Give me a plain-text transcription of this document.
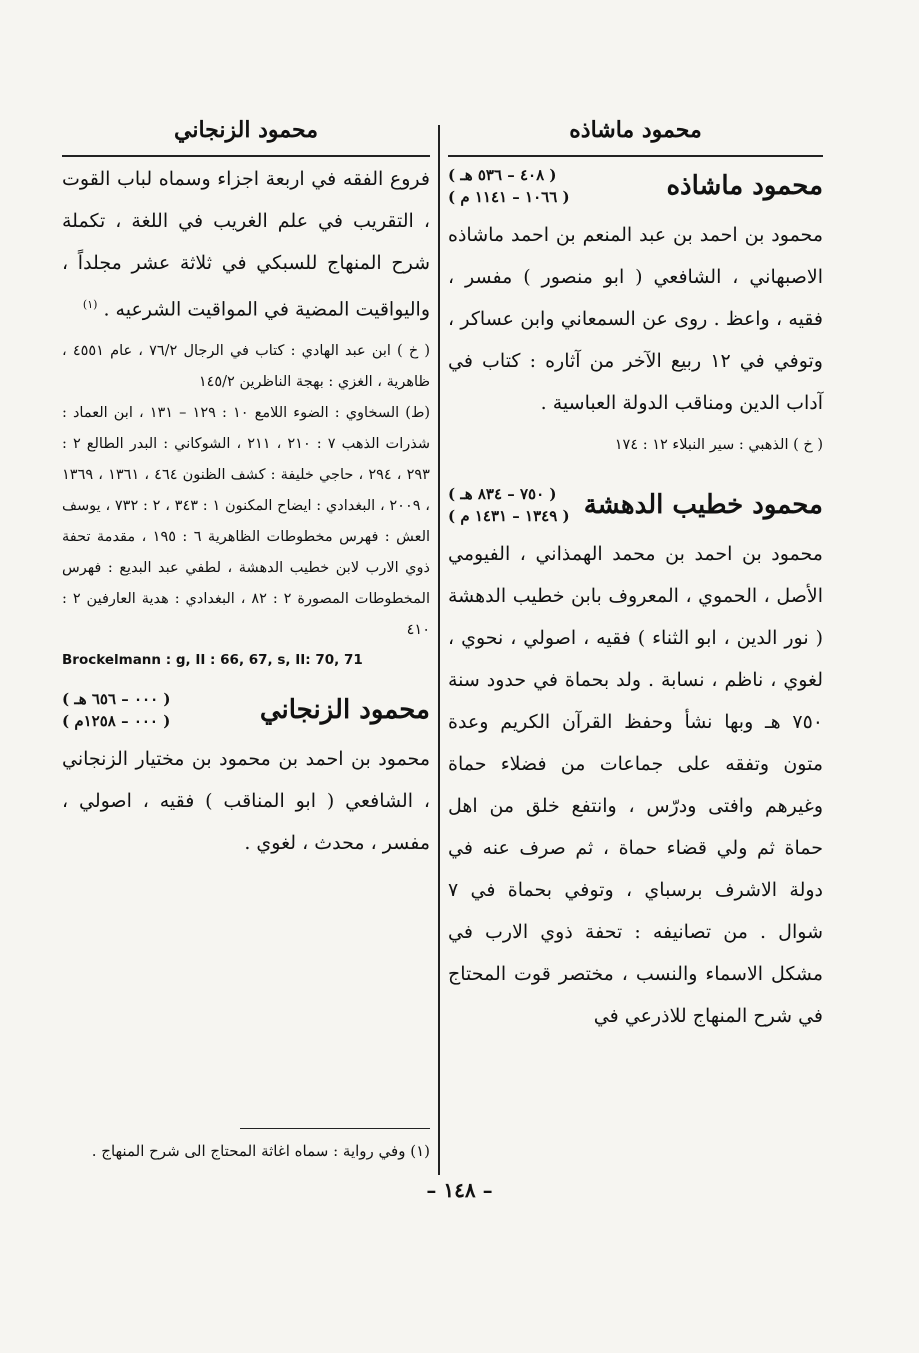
محمود ماشاذه
محمود ماشاذه
( ٤٠٨ – ٥٣٦ هـ )
( ١٠٦٦ – ١١٤١ م )

محمود بن احمد بن عبد المنعم بن احمد ماشاذه الاصبهاني ، الشافعي ( ابو منصور ) مفسر ، فقيه ، واعظ . روى عن السمعاني وابن عساكر ، وتوفي في ١٢ ربيع الآخر من آثاره : كتاب في آداب الدين ومناقب الدولة العباسية .

( خ ) الذهبي : سير النبلاء ١٢ : ١٧٤

محمود خطيب الدهشة
( ٧٥٠ – ٨٣٤ هـ )
( ١٣٤٩ – ١٤٣١ م )

محمود بن احمد بن محمد الهمذاني ، الفيومي الأصل ، الحموي ، المعروف بابن خطيب الدهشة ( نور الدين ، ابو الثناء ) فقيه ، اصولي ، نحوي ، لغوي ، ناظم ، نسابة . ولد بحماة في حدود سنة ٧٥٠ هـ وبها نشأ وحفظ القرآن الكريم وعدة متون وتفقه على جماعات من فضلاء حماة وغيرهم وافتى ودرّس ، وانتفع خلق من اهل حماة ثم ولي قضاء حماة ، ثم صرف عنه في دولة الاشرف برسباي ، وتوفي بحماة في ٧ شوال . من تصانيفه : تحفة ذوي الارب في مشكل الاسماء والنسب ، مختصر قوت المحتاج في شرح المنهاج للاذرعي في

محمود الزنجاني

فروع الفقه في اربعة اجزاء وسماه لباب القوت ، التقريب في علم الغريب في اللغة ، تكملة شرح المنهاج للسبكي في ثلاثة عشر مجلداً ، واليواقيت المضية في المواقيت الشرعيه . $^{(١)}$

( خ ) ابن عبد الهادي : كتاب في الرجال ٧٦/٢ ، عام ٤٥٥١ ، ظاهرية ، الغزي : بهجة الناظرين ١٤٥/٢

(ط) السخاوي : الضوء اللامع ١٠ : ١٢٩ – ١٣١ ، ابن العماد : شذرات الذهب ٧ : ٢١٠ ، ٢١١ ، الشوكاني : البدر الطالع ٢ : ٢٩٣ ، ٢٩٤ ، حاجي خليفة : كشف الظنون ٤٦٤ ، ١٣٦١ ، ١٣٦٩ ، ٢٠٠٩ ، البغدادي : ايضاح المكنون ١ : ٣٤٣ ، ٢ : ٧٣٢ ، يوسف العش : فهرس مخطوطات الظاهرية ٦ : ١٩٥ ، مقدمة تحفة ذوي الارب لابن خطيب الدهشة ، لطفي عبد البديع : فهرس المخطوطات المصورة ٢ : ٨٢ ، البغدادي : هدية العارفين ٢ : ٤١٠

Brockelmann : g, II : 66, 67, s, II: 70, 71
محمود الزنجاني
( ٠٠٠ – ٦٥٦ هـ )
( ٠٠٠ – ١٢٥٨م )

محمود بن احمد بن محمود بن مختيار الزنجاني ، الشافعي ( ابو المناقب ) فقيه ، اصولي ، مفسر ، محدث ، لغوي .

(١) وفي رواية : سماه اغاثة المحتاج الى شرح المنهاج .
– ١٤٨ –
